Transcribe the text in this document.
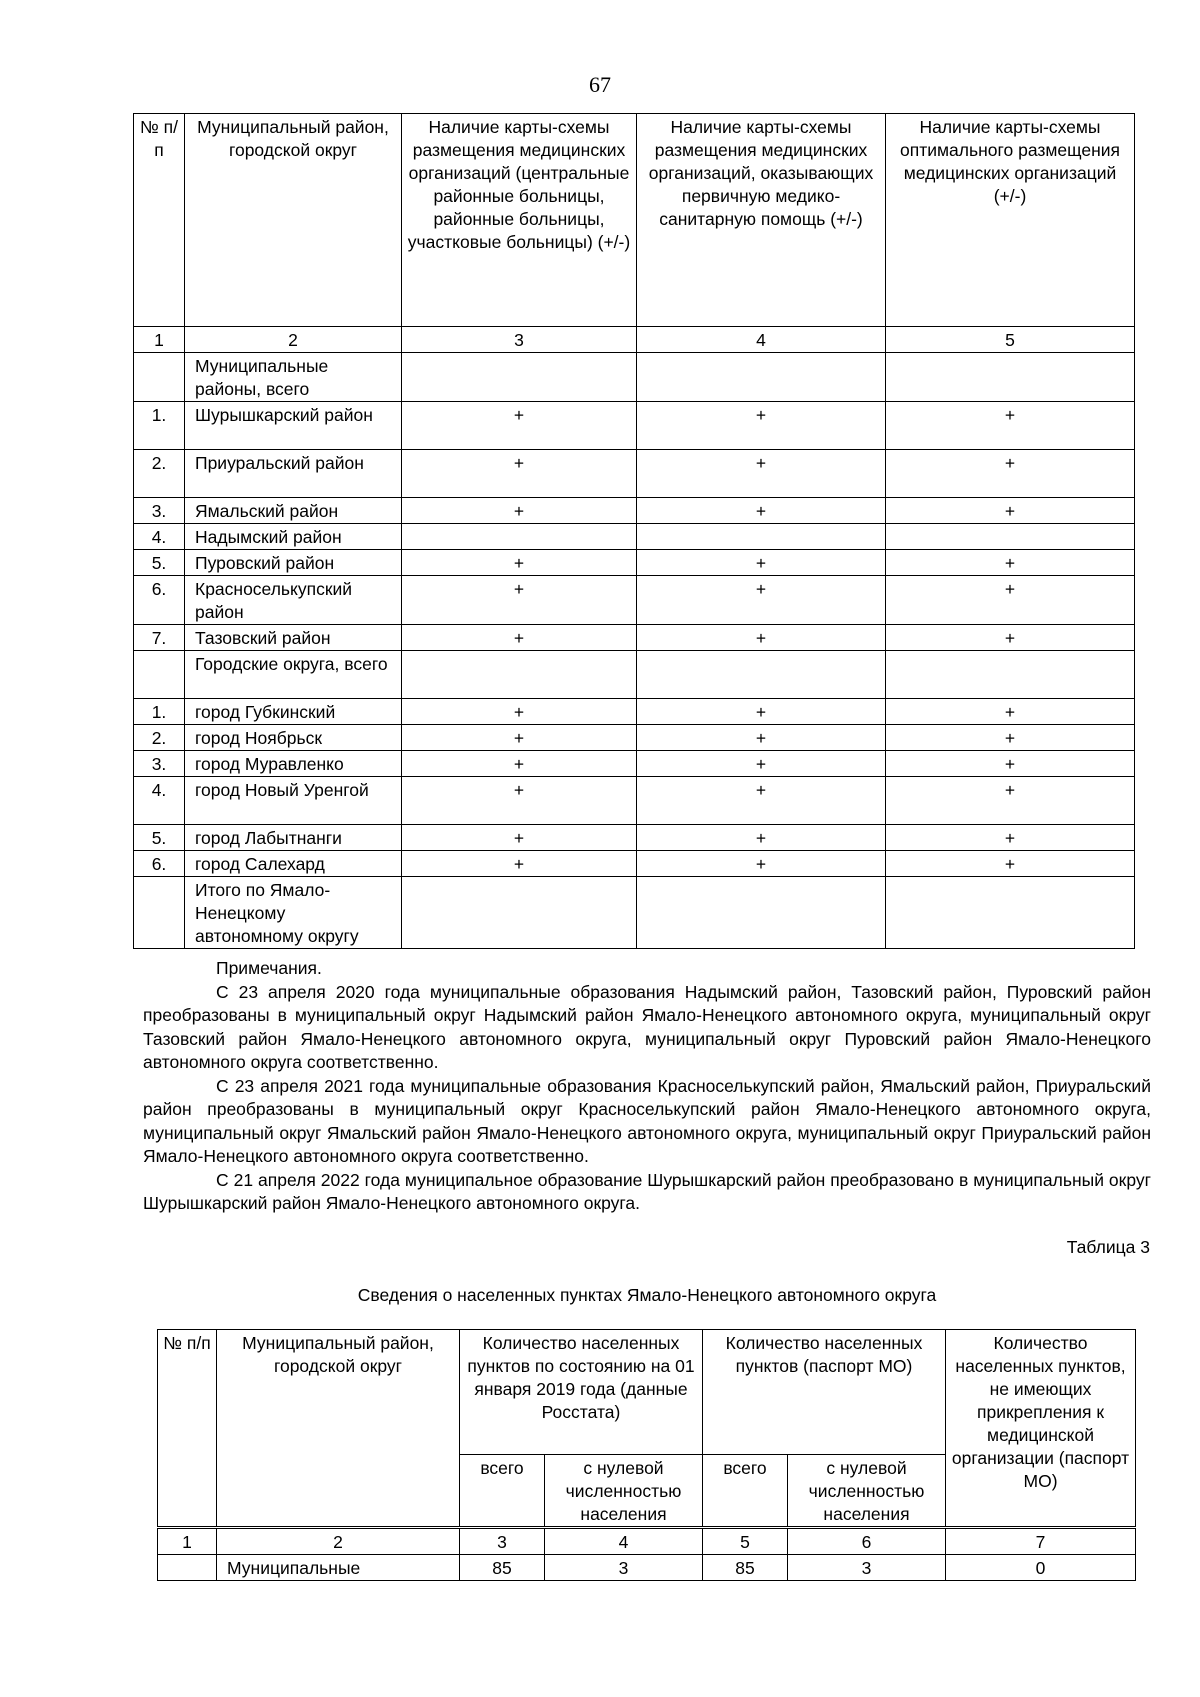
67
№ п/п	Муниципальный район, городской округ	Наличие карты-схемы размещения медицинских организаций (центральные районные больницы, районные больницы, участковые больницы) (+/-)	Наличие карты-схемы размещения медицинских организаций, оказывающих первичную медико-санитарную помощь (+/-)	Наличие карты-схемы оптимального размещения медицинских организаций (+/-)
1	2	3	4	5
	Муниципальные районы, всего			
1.	Шурышкарский район	+	+	+
2.	Приуральский район	+	+	+
3.	Ямальский район	+	+	+
4.	Надымский район			
5.	Пуровский район	+	+	+
6.	Красноселькупский район	+	+	+
7.	Тазовский район	+	+	+
	Городские округа, всего			
1.	город Губкинский	+	+	+
2.	город Ноябрьск	+	+	+
3.	город Муравленко	+	+	+
4.	город Новый Уренгой	+	+	+
5.	город Лабытнанги	+	+	+
6.	город Салехард	+	+	+
	Итого по Ямало-Ненецкому автономному округу			

Примечания.

С 23 апреля 2020 года муниципальные образования Надымский район, Тазовский район, Пуровский район преобразованы в муниципальный округ Надымский район Ямало-Ненецкого автономного округа, муниципальный округ Тазовский район Ямало-Ненецкого автономного округа, муниципальный округ Пуровский район Ямало-Ненецкого автономного округа соответственно.

С 23 апреля 2021 года муниципальные образования Красноселькупский район, Ямальский район, Приуральский район преобразованы в муниципальный округ Красноселькупский район Ямало-Ненецкого автономного округа, муниципальный округ Ямальский район Ямало-Ненецкого автономного округа, муниципальный округ Приуральский район Ямало-Ненецкого автономного округа соответственно.

С 21 апреля 2022 года муниципальное образование Шурышкарский район преобразовано в муниципальный округ Шурышкарский район Ямало-Ненецкого автономного округа.

Таблица 3
Сведения о населенных пунктах Ямало-Ненецкого автономного округа
№ п/п	Муниципальный район, городской округ	Количество населенных пунктов по состоянию на 01 января 2019 года (данные Росстата)		Количество населенных пунктов (паспорт МО)		Количество населенных пунктов, не имеющих прикрепления к медицинской организации (паспорт МО)
		всего	с нулевой численностью населения	всего	с нулевой численностью населения	
1	2	3	4	5	6	7
	Муниципальные	85	3	85	3	0
